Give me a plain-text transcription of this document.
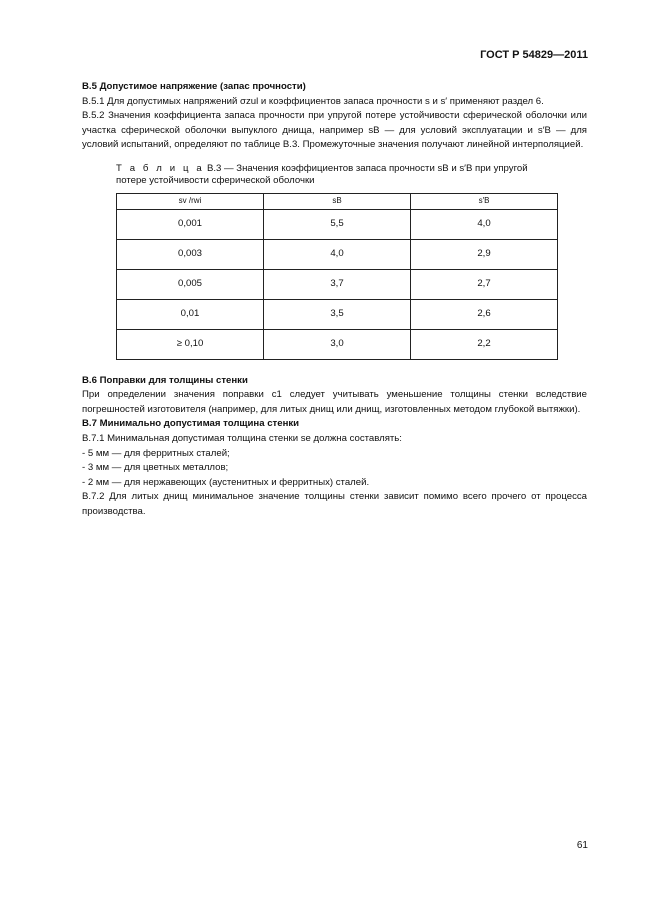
ГОСТ Р 54829—2011

В.5 Допустимое напряжение (запас прочности)

В.5.1 Для допустимых напряжений σzul и коэффициентов запаса прочности s и s′ применяют раздел 6.

В.5.2 Значения коэффициента запаса прочности при упругой потере устойчивости сферической оболочки или участка сферической оболочки выпуклого днища, например sB — для условий эксплуатации и s′B — для условий испытаний, определяют по таблице В.3. Промежуточные значения получают линейной интерполяцией.

Т а б л и ц а В.3 — Значения коэффициентов запаса прочности sB и s′B при упругой потере устойчивости сферической оболочки
sv /rwi	sB	s′B
0,001	5,5	4,0
0,003	4,0	2,9
0,005	3,7	2,7
0,01	3,5	2,6
≥ 0,10	3,0	2,2

В.6 Поправки для толщины стенки

При определении значения поправки c1 следует учитывать уменьшение толщины стенки вследствие погрешностей изготовителя (например, для литых днищ или днищ, изготовленных методом глубокой вытяжки).

В.7 Минимально допустимая толщина стенки

В.7.1 Минимальная допустимая толщина стенки se должна составлять:

- 5 мм — для ферритных сталей;

- 3 мм — для цветных металлов;

- 2 мм — для нержавеющих (аустенитных и ферритных) сталей.

В.7.2 Для литых днищ минимальное значение толщины стенки зависит помимо всего прочего от процесса производства.

61
